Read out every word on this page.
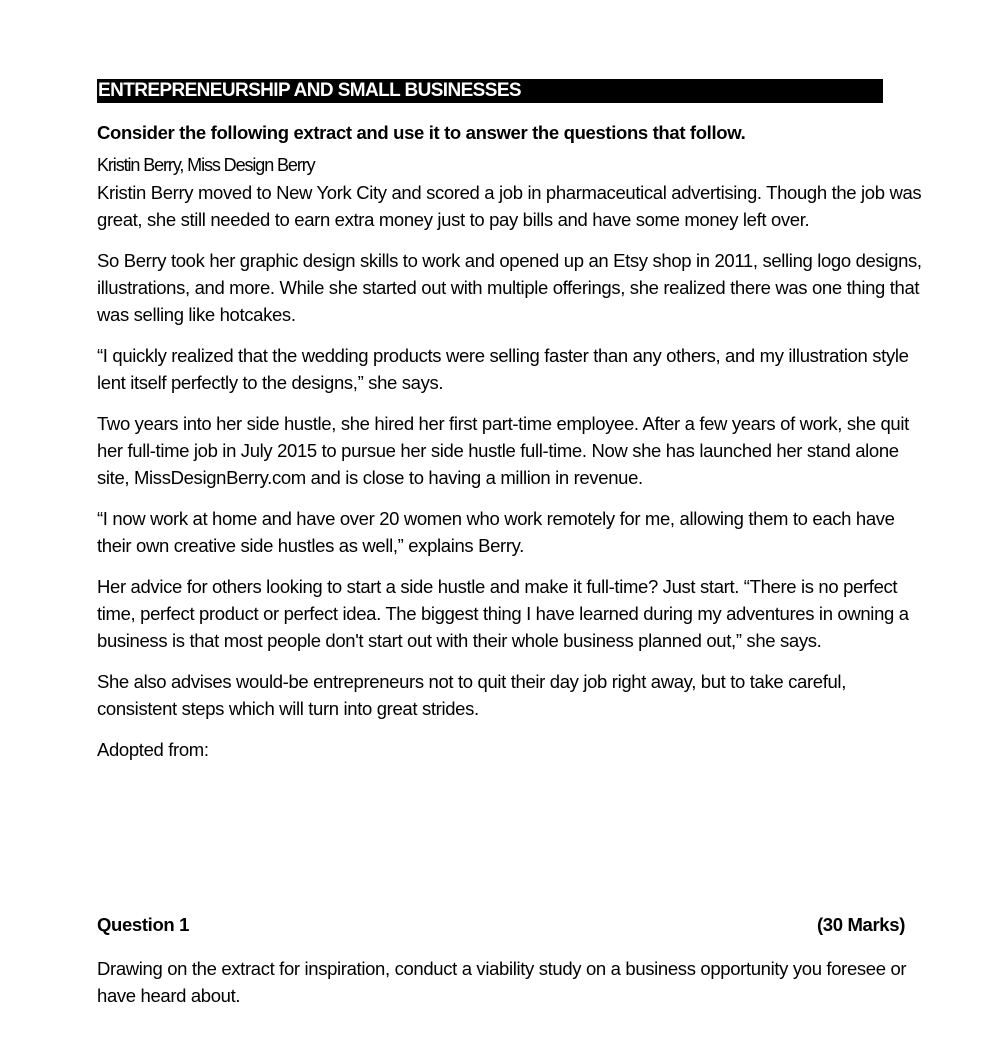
ENTREPRENEURSHIP AND SMALL BUSINESSES
Consider the following extract and use it to answer the questions that follow.
Kristin Berry, Miss Design Berry

Kristin Berry moved to New York City and scored a job in pharmaceutical advertising. Though the job was great, she still needed to earn extra money just to pay bills and have some money left over.

So Berry took her graphic design skills to work and opened up an Etsy shop in 2011, selling logo designs, illustrations, and more. While she started out with multiple offerings, she realized there was one thing that was selling like hotcakes.

“I quickly realized that the wedding products were selling faster than any others, and my illustration style lent itself perfectly to the designs,” she says.

Two years into her side hustle, she hired her first part-time employee. After a few years of work, she quit her full-time job in July 2015 to pursue her side hustle full-time. Now she has launched her stand alone site, MissDesignBerry.com and is close to having a million in revenue.

“I now work at home and have over 20 women who work remotely for me, allowing them to each have their own creative side hustles as well,” explains Berry.

Her advice for others looking to start a side hustle and make it full-time? Just start. “There is no perfect time, perfect product or perfect idea. The biggest thing I have learned during my adventures in owning a business is that most people don't start out with their whole business planned out,” she says.

She also advises would-be entrepreneurs not to quit their day job right away, but to take careful, consistent steps which will turn into great strides.

Adopted from:
Question 1	(30 Marks)
Drawing on the extract for inspiration, conduct a viability study on a business opportunity you foresee or have heard about.
